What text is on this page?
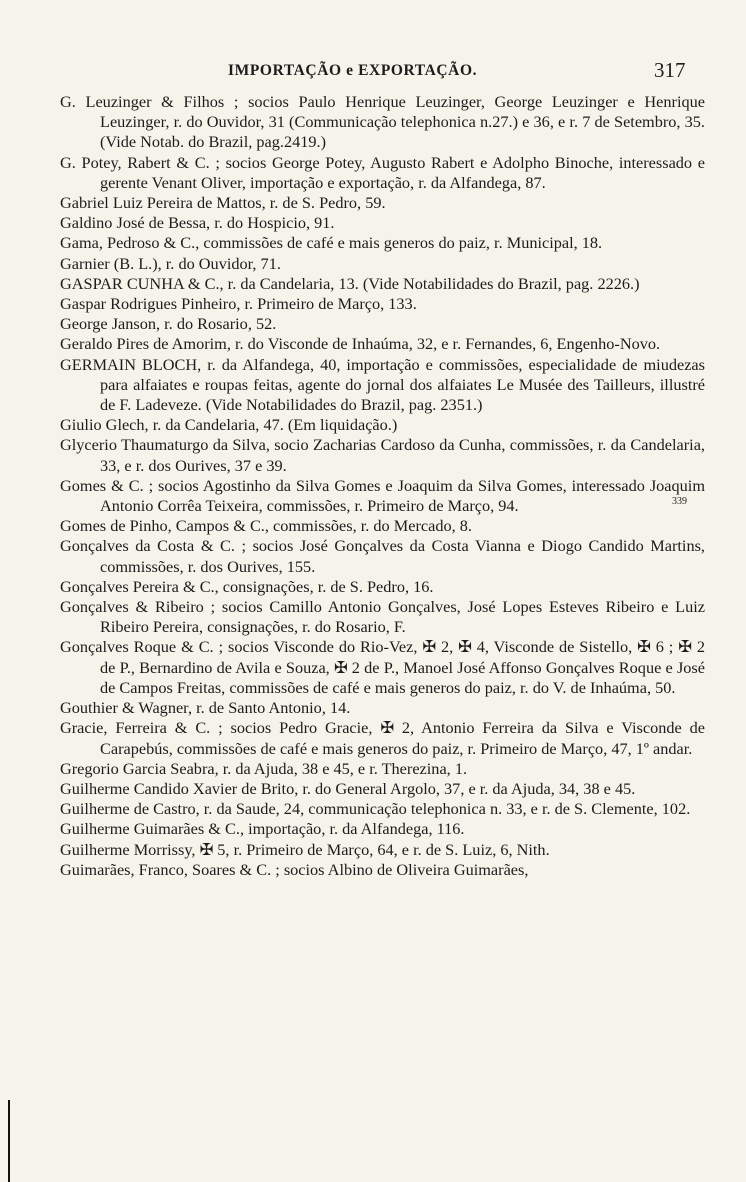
IMPORTAÇÃO e EXPORTAÇÃO.	317

G. Leuzinger & Filhos ; socios Paulo Henrique Leuzinger, George Leuzinger e Henrique Leuzinger, r. do Ouvidor, 31 (Communicação telephonica n.27.) e 36, e r. 7 de Setembro, 35.(Vide Notab. do Brazil, pag.2419.)

G. Potey, Rabert & C. ; socios George Potey, Augusto Rabert e Adolpho Binoche, interessado e gerente Venant Oliver, importação e exportação, r. da Alfandega, 87.

Gabriel Luiz Pereira de Mattos, r. de S. Pedro, 59.

Galdino José de Bessa, r. do Hospicio, 91.

Gama, Pedroso & C., commissões de café e mais generos do paiz, r. Municipal, 18.

Garnier (B. L.), r. do Ouvidor, 71.

GASPAR CUNHA & C., r. da Candelaria, 13. (Vide Notabilidades do Brazil, pag. 2226.)

Gaspar Rodrigues Pinheiro, r. Primeiro de Março, 133.

George Janson, r. do Rosario, 52.

Geraldo Pires de Amorim, r. do Visconde de Inhaúma, 32, e r. Fernandes, 6, Engenho-Novo.

GERMAIN BLOCH, r. da Alfandega, 40, importação e commissões, especialidade de miudezas para alfaiates e roupas feitas, agente do jornal dos alfaiates Le Musée des Tailleurs, illustré de F. Ladeveze. (Vide Notabilidades do Brazil, pag. 2351.)

Giulio Glech, r. da Candelaria, 47. (Em liquidação.)

Glycerio Thaumaturgo da Silva, socio Zacharias Cardoso da Cunha, commissões, r. da Candelaria, 33, e r. dos Ourives, 37 e 39.

Gomes & C. ; socios Agostinho da Silva Gomes e Joaquim da Silva Gomes, interessado Joaquim Antonio Corrêa Teixeira, commissões, r. Primeiro de Março, 94.

Gomes de Pinho, Campos & C., commissões, r. do Mercado, 8.

Gonçalves da Costa & C. ; socios José Gonçalves da Costa Vianna e Diogo Candido Martins, commissões, r. dos Ourives, 155.

Gonçalves Pereira & C., consignações, r. de S. Pedro, 16.

Gonçalves & Ribeiro ; socios Camillo Antonio Gonçalves, José Lopes Esteves Ribeiro e Luiz Ribeiro Pereira, consignações, r. do Rosario, F.

Gonçalves Roque & C. ; socios Visconde do Rio-Vez, ✠ 2, ✠ 4, Visconde de Sistello, ✠ 6 ; ✠ 2 de P., Bernardino de Avila e Souza, ✠ 2 de P., Manoel José Affonso Gonçalves Roque e José de Campos Freitas, commissões de café e mais generos do paiz, r. do V. de Inhaúma, 50.

Gouthier & Wagner, r. de Santo Antonio, 14.

Gracie, Ferreira & C. ; socios Pedro Gracie, ✠ 2, Antonio Ferreira da Silva e Visconde de Carapebús, commissões de café e mais generos do paiz, r. Primeiro de Março, 47, 1º andar.

Gregorio Garcia Seabra, r. da Ajuda, 38 e 45, e r. Therezina, 1.

Guilherme Candido Xavier de Brito, r. do General Argolo, 37, e r. da Ajuda, 34, 38 e 45.

Guilherme de Castro, r. da Saude, 24, communicação telephonica n. 33, e r. de S. Clemente, 102.

Guilherme Guimarães & C., importação, r. da Alfandega, 116.

Guilherme Morrissy, ✠ 5, r. Primeiro de Março, 64, e r. de S. Luiz, 6, Nith.

Guimarães, Franco, Soares & C. ; socios Albino de Oliveira Guimarães,

339
